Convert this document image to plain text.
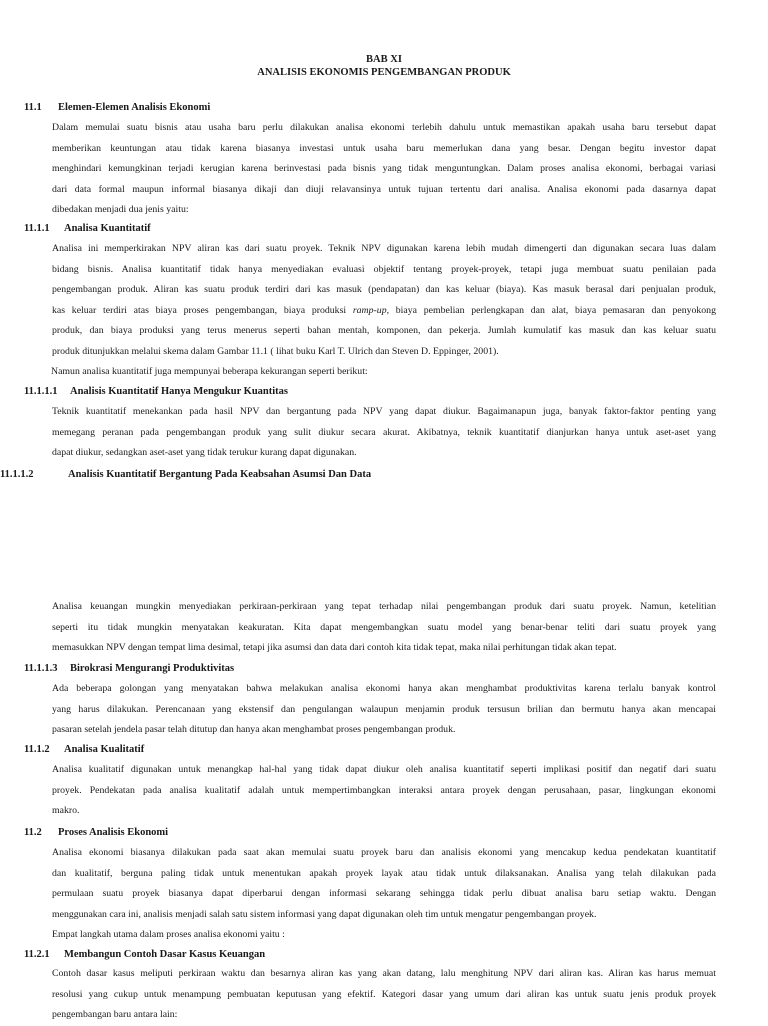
BAB XI
ANALISIS EKONOMIS PENGEMBANGAN PRODUK
11.1 Elemen-Elemen Analisis Ekonomi
Dalam memulai suatu bisnis atau usaha baru perlu dilakukan analisa ekonomi terlebih dahulu untuk memastikan apakah usaha baru tersebut dapat
memberikan keuntungan atau tidak karena biasanya investasi untuk usaha baru memerlukan dana yang besar. Dengan begitu investor dapat
menghindari kemungkinan terjadi kerugian karena berinvestasi pada bisnis yang tidak menguntungkan. Dalam proses analisa ekonomi, berbagai variasi
dari data formal maupun informal biasanya dikaji dan diuji relavansinya untuk tujuan tertentu dari analisa. Analisa ekonomi pada dasarnya dapat
dibedakan menjadi dua jenis yaitu:
11.1.1 Analisa Kuantitatif
Analisa ini memperkirakan NPV aliran kas dari suatu proyek. Teknik NPV digunakan karena lebih mudah dimengerti dan digunakan secara luas dalam
bidang bisnis. Analisa kuantitatif tidak hanya menyediakan evaluasi objektif tentang proyek-proyek, tetapi juga membuat suatu penilaian pada
pengembangan produk. Aliran kas suatu produk terdiri dari kas masuk (pendapatan) dan kas keluar (biaya). Kas masuk berasal dari penjualan produk,
kas keluar terdiri atas biaya proses pengembangan, biaya produksi ramp-up, biaya pembelian perlengkapan dan alat, biaya pemasaran dan penyokong
produk, dan biaya produksi yang terus menerus seperti bahan mentah, komponen, dan pekerja. Jumlah kumulatif kas masuk dan kas keluar suatu
produk ditunjukkan melalui skema dalam Gambar 11.1 ( lihat buku Karl T. Ulrich dan Steven D. Eppinger, 2001).
Namun analisa kuantitatif juga mempunyai beberapa kekurangan seperti berikut:
11.1.1.1 Analisis Kuantitatif Hanya Mengukur Kuantitas
Teknik kuantitatif menekankan pada hasil NPV dan bergantung pada NPV yang dapat diukur. Bagaimanapun juga, banyak faktor-faktor penting yang
memegang peranan pada pengembangan produk yang sulit diukur secara akurat. Akibatnya, teknik kuantitatif dianjurkan hanya untuk aset-aset yang
dapat diukur, sedangkan aset-aset yang tidak terukur kurang dapat digunakan.
11.1.1.2	Analisis Kuantitatif Bergantung Pada Keabsahan Asumsi Dan Data
Analisa keuangan mungkin menyediakan perkiraan-perkiraan yang tepat terhadap nilai pengembangan produk dari suatu proyek. Namun, ketelitian
seperti itu tidak mungkin menyatakan keakuratan. Kita dapat mengembangkan suatu model yang benar-benar teliti dari suatu proyek yang
memasukkan NPV dengan tempat lima desimal, tetapi jika asumsi dan data dari contoh kita tidak tepat, maka nilai perhitungan tidak akan tepat.
11.1.1.3 Birokrasi Mengurangi Produktivitas
Ada beberapa golongan yang menyatakan bahwa melakukan analisa ekonomi hanya akan menghambat produktivitas karena terlalu banyak kontrol
yang harus dilakukan. Perencanaan yang ekstensif dan pengulangan walaupun menjamin produk tersusun brilian dan bermutu hanya akan mencapai
pasaran setelah jendela pasar telah ditutup dan hanya akan menghambat proses pengembangan produk.
11.1.2 Analisa Kualitatif
Analisa kualitatif digunakan untuk menangkap hal-hal yang tidak dapat diukur oleh analisa kuantitatif seperti implikasi positif dan negatif dari suatu
proyek. Pendekatan pada analisa kualitatif adalah untuk mempertimbangkan interaksi antara proyek dengan perusahaan, pasar, lingkungan ekonomi
makro.
11.2 Proses Analisis Ekonomi
Analisa ekonomi biasanya dilakukan pada saat akan memulai suatu proyek baru dan analisis ekonomi yang mencakup kedua pendekatan kuantitatif
dan kualitatif, berguna paling tidak untuk menentukan apakah proyek layak atau tidak untuk dilaksanakan. Analisa yang telah dilakukan pada
permulaan suatu proyek biasanya dapat diperbarui dengan informasi sekarang sehingga tidak perlu dibuat analisa baru setiap waktu. Dengan
menggunakan cara ini, analisis menjadi salah satu sistem informasi yang dapat digunakan oleh tim untuk mengatur pengembangan proyek.
Empat langkah utama dalam proses analisa ekonomi yaitu :
11.2.1 Membangun Contoh Dasar Kasus Keuangan
Contoh dasar kasus meliputi perkiraan waktu dan besarnya aliran kas yang akan datang, lalu menghitung NPV dari aliran kas. Aliran kas harus memuat
resolusi yang cukup untuk menampung pembuatan keputusan yang efektif. Kategori dasar yang umum dari aliran kas untuk suatu jenis produk proyek
pengembangan baru antara lain:
